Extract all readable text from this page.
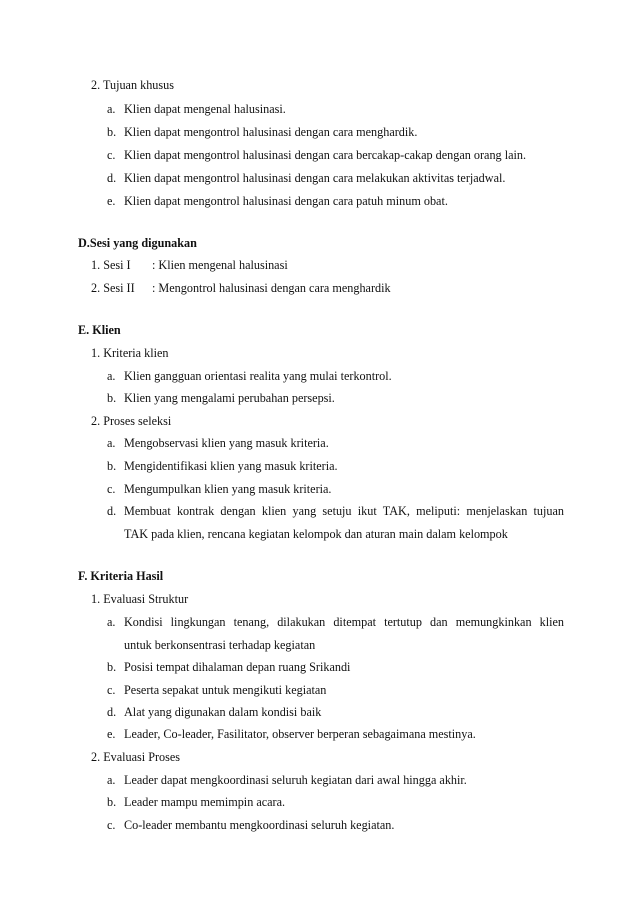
2. Tujuan khusus
a. Klien dapat mengenal halusinasi.
b. Klien dapat mengontrol halusinasi dengan cara menghardik.
c. Klien dapat mengontrol halusinasi dengan cara bercakap-cakap dengan orang lain.
d. Klien dapat mengontrol halusinasi dengan cara melakukan aktivitas terjadwal.
e. Klien dapat mengontrol halusinasi dengan cara patuh minum obat.
D.Sesi yang digunakan
1. Sesi I : Klien mengenal halusinasi
2. Sesi II : Mengontrol halusinasi dengan cara menghardik
E. Klien
1. Kriteria klien
a. Klien gangguan orientasi realita yang mulai terkontrol.
b. Klien yang mengalami perubahan persepsi.
2. Proses seleksi
a. Mengobservasi klien yang masuk kriteria.
b. Mengidentifikasi klien yang masuk kriteria.
c. Mengumpulkan klien yang masuk kriteria.
d. Membuat kontrak dengan klien yang setuju ikut TAK, meliputi: menjelaskan tujuan
TAK pada klien, rencana kegiatan kelompok dan aturan main dalam kelompok
F. Kriteria Hasil
1. Evaluasi Struktur
a. Kondisi lingkungan tenang, dilakukan ditempat tertutup dan memungkinkan klien
untuk berkonsentrasi terhadap kegiatan
b. Posisi tempat dihalaman depan ruang Srikandi
c. Peserta sepakat untuk mengikuti kegiatan
d. Alat yang digunakan dalam kondisi baik
e. Leader, Co-leader, Fasilitator, observer berperan sebagaimana mestinya.
2. Evaluasi Proses
a. Leader dapat mengkoordinasi seluruh kegiatan dari awal hingga akhir.
b. Leader mampu memimpin acara.
c. Co-leader membantu mengkoordinasi seluruh kegiatan.
